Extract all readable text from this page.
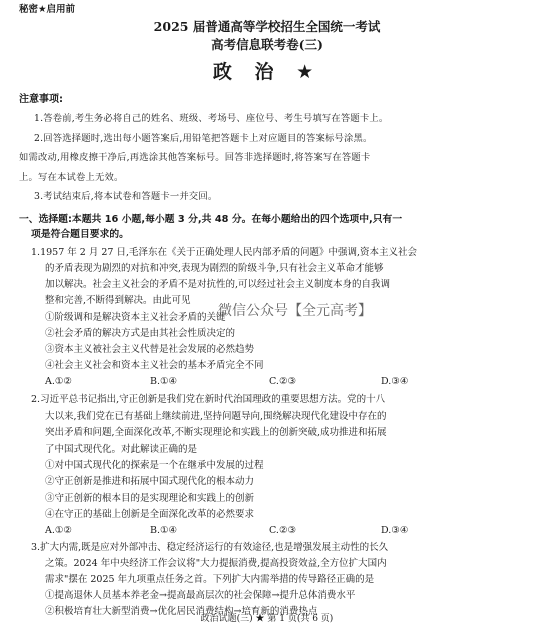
秘密★启用前
2025 届普通高等学校招生全国统一考试
高考信息联考卷(三)
政 治 ★
注意事项:
1.答卷前,考生务必将自己的姓名、班级、考场号、座位号、考生号填写在答题卡上。
2.回答选择题时,选出每小题答案后,用铅笔把答题卡上对应题目的答案标号涂黑。
如需改动,用橡皮擦干净后,再选涂其他答案标号。回答非选择题时,将答案写在答题卡
上。写在本试卷上无效。
3.考试结束后,将本试卷和答题卡一并交回。
一、选择题:本题共 16 小题,每小题 3 分,共 48 分。在每小题给出的四个选项中,只有一
项是符合题目要求的。
1.1957 年 2 月 27 日,毛泽东在《关于正确处理人民内部矛盾的问题》中强调,资本主义社会
的矛盾表现为剧烈的对抗和冲突,表现为剧烈的阶级斗争,只有社会主义革命才能够
加以解决。社会主义社会的矛盾不是对抗性的,可以经过社会主义制度本身的自我调
整和完善,不断得到解决。由此可见
①阶级调和是解决资本主义社会矛盾的关键
②社会矛盾的解决方式是由其社会性质决定的
③资本主义被社会主义代替是社会发展的必然趋势
④社会主义社会和资本主义社会的基本矛盾完全不同
A.①②	B.①④	C.②③	D.③④
2.习近平总书记指出,守正创新是我们党在新时代治国理政的重要思想方法。党的十八
大以来,我们党在已有基础上继续前进,坚持问题导向,围绕解决现代化建设中存在的
突出矛盾和问题,全面深化改革,不断实现理论和实践上的创新突破,成功推进和拓展
了中国式现代化。对此解读正确的是
①对中国式现代化的探索是一个在继承中发展的过程
②守正创新是推进和拓展中国式现代化的根本动力
③守正创新的根本目的是实现理论和实践上的创新
④在守正的基础上创新是全面深化改革的必然要求
A.①②	B.①④	C.②③	D.③④
3.扩大内需,既是应对外部冲击、稳定经济运行的有效途径,也是增强发展主动性的长久
之策。2024 年中央经济工作会议将"大力提振消费,提高投资效益,全方位扩大国内
需求"摆在 2025 年九项重点任务之首。下列扩大内需举措的传导路径正确的是
①提高退休人员基本养老金→提高最高层次的社会保障→提升总体消费水平
②积极培育壮大新型消费→优化居民消费结构→培育新的消费热点
微信公众号【全元高考】
政治试题(三) ★ 第 1 页(共 6 页)
